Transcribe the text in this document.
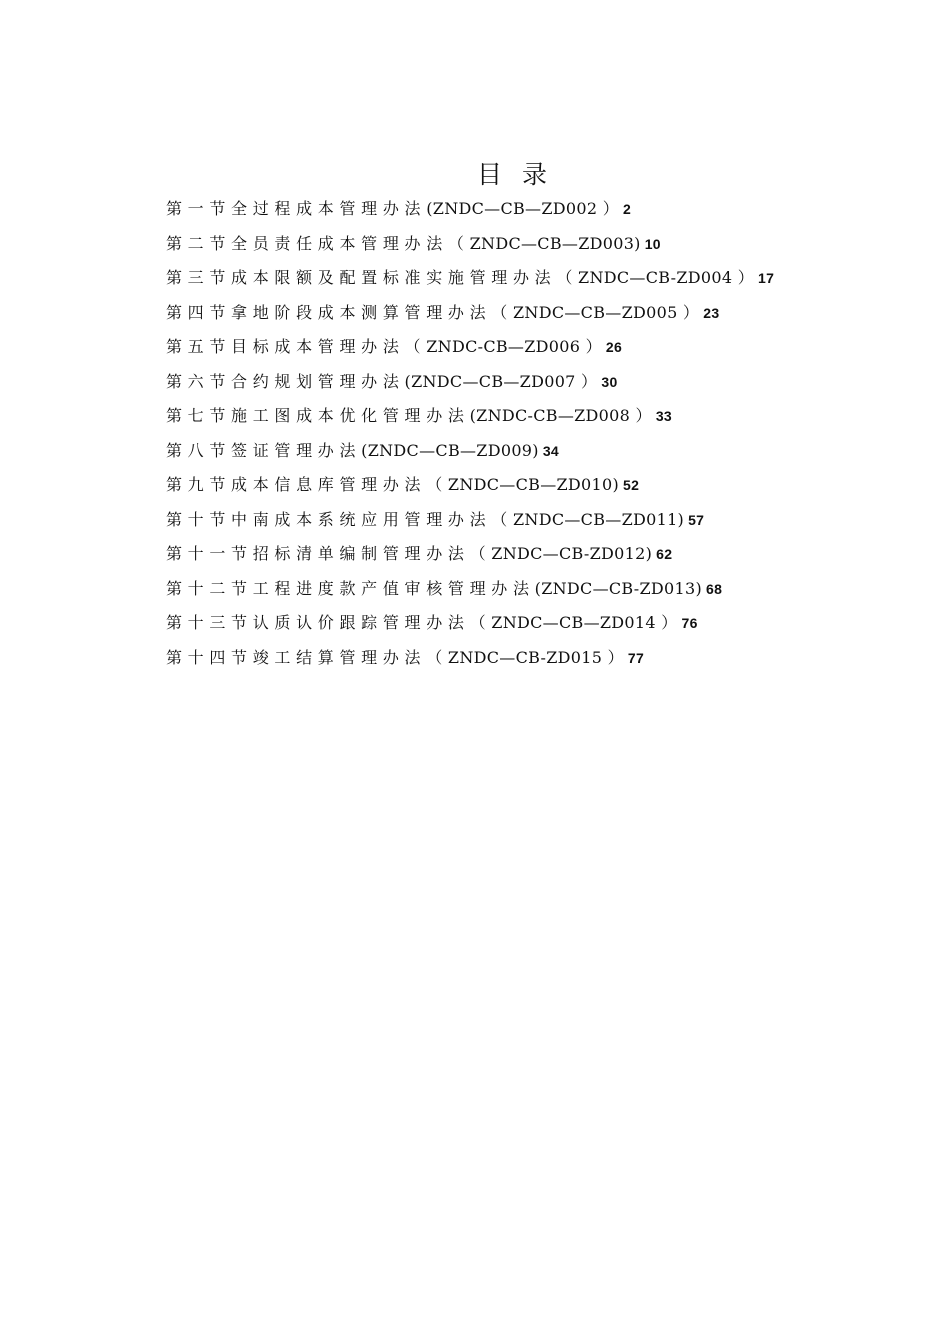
目 录
第 一 节 全 过 程 成 本 管 理 办 法 (ZNDC—CB—ZD002 ） 2
第 二 节 全 员 责 任 成 本 管 理 办 法 （ ZNDC—CB—ZD003) 10
第 三 节 成 本 限 额 及 配 置 标 准 实 施 管 理 办 法 （ ZNDC—CB-ZD004 ） 17
第 四 节 拿 地 阶 段 成 本 测 算 管 理 办 法 （ ZNDC—CB—ZD005 ） 23
第 五 节 目 标 成 本 管 理 办 法 （ ZNDC-CB—ZD006 ） 26
第 六 节 合 约 规 划 管 理 办 法 (ZNDC—CB—ZD007 ） 30
第 七 节 施 工 图 成 本 优 化 管 理 办 法 (ZNDC-CB—ZD008 ） 33
第 八 节 签 证 管 理 办 法 (ZNDC—CB—ZD009) 34
第 九 节 成 本 信 息 库 管 理 办 法 （ ZNDC—CB—ZD010) 52
第 十 节 中 南 成 本 系 统 应 用 管 理 办 法 （ ZNDC—CB—ZD011) 57
第 十 一 节 招 标 清 单 编 制 管 理 办 法 （ ZNDC—CB-ZD012) 62
第 十 二 节 工 程 进 度 款 产 值 审 核 管 理 办 法 (ZNDC—CB-ZD013) 68
第 十 三 节 认 质 认 价 跟 踪 管 理 办 法 （ ZNDC—CB—ZD014 ） 76
第 十 四 节 竣 工 结 算 管 理 办 法 （ ZNDC—CB-ZD015 ） 77
